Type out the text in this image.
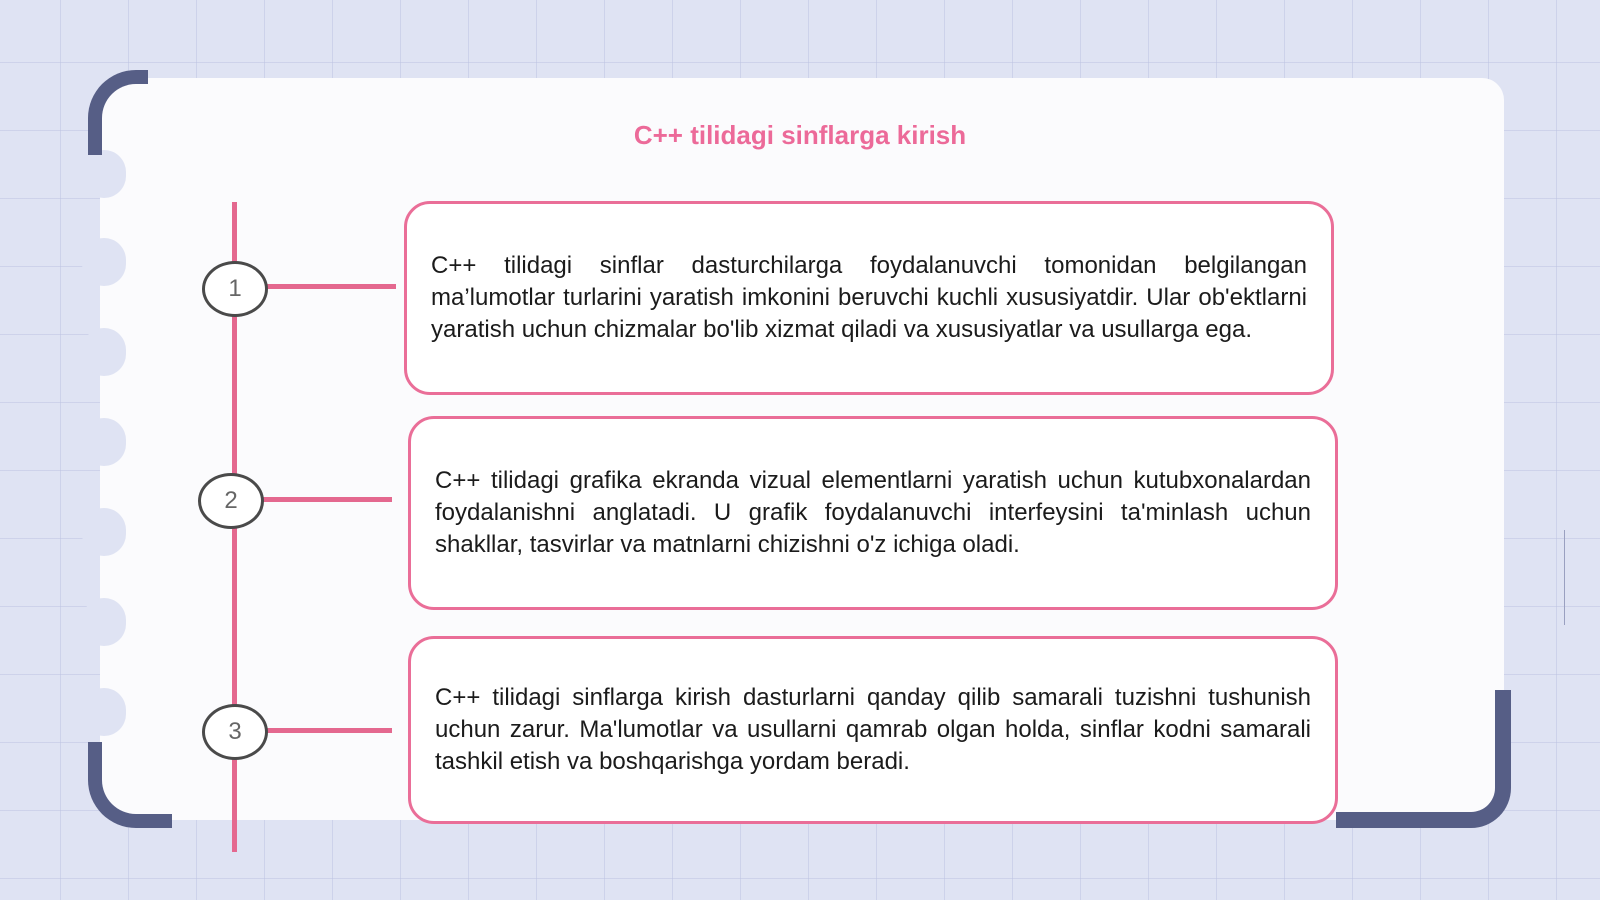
C++ tilidagi sinflarga kirish
1

C++ tilidagi sinflar dasturchilarga foydalanuvchi tomonidan belgilangan ma’lumotlar turlarini yaratish imkonini beruvchi kuchli xususiyatdir. Ular ob'ektlarni yaratish uchun chizmalar bo'lib xizmat qiladi va xususiyatlar va usullarga ega.

2

C++ tilidagi grafika ekranda vizual elementlarni yaratish uchun kutubxonalardan foydalanishni anglatadi. U grafik foydalanuvchi interfeysini ta'minlash uchun shakllar, tasvirlar va matnlarni chizishni o'z ichiga oladi.

3

C++ tilidagi sinflarga kirish dasturlarni qanday qilib samarali tuzishni tushunish uchun zarur. Ma'lumotlar va usullarni qamrab olgan holda, sinflar kodni samarali tashkil etish va boshqarishga yordam beradi.
